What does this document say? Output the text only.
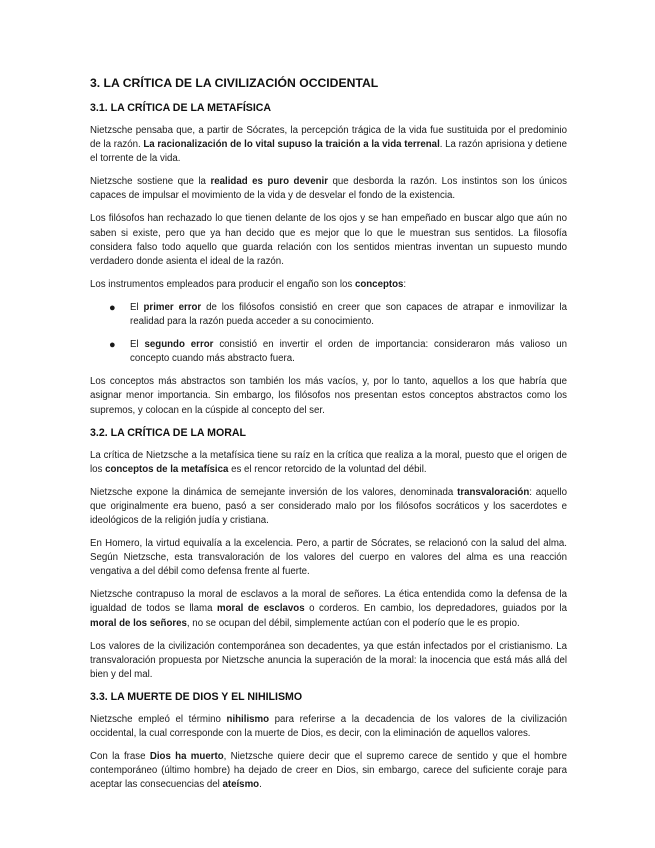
3. LA CRÍTICA DE LA CIVILIZACIÓN OCCIDENTAL
3.1. LA CRÍTICA DE LA METAFÍSICA

Nietzsche pensaba que, a partir de Sócrates, la percepción trágica de la vida fue sustituida por el predominio de la razón. La racionalización de lo vital supuso la traición a la vida terrenal. La razón aprisiona y detiene el torrente de la vida.

Nietzsche sostiene que la realidad es puro devenir que desborda la razón. Los instintos son los únicos capaces de impulsar el movimiento de la vida y de desvelar el fondo de la existencia.

Los filósofos han rechazado lo que tienen delante de los ojos y se han empeñado en buscar algo que aún no saben si existe, pero que ya han decido que es mejor que lo que le muestran sus sentidos. La filosofía considera falso todo aquello que guarda relación con los sentidos mientras inventan un supuesto mundo verdadero donde asienta el ideal de la razón.

Los instrumentos empleados para producir el engaño son los conceptos:

● El primer error de los filósofos consistió en creer que son capaces de atrapar e inmovilizar la realidad para la razón pueda acceder a su conocimiento.
● El segundo error consistió en invertir el orden de importancia: consideraron más valioso un concepto cuando más abstracto fuera.

Los conceptos más abstractos son también los más vacíos, y, por lo tanto, aquellos a los que habría que asignar menor importancia. Sin embargo, los filósofos nos presentan estos conceptos abstractos como los supremos, y colocan en la cúspide al concepto del ser.

3.2. LA CRÍTICA DE LA MORAL

La crítica de Nietzsche a la metafísica tiene su raíz en la crítica que realiza a la moral, puesto que el origen de los conceptos de la metafísica es el rencor retorcido de la voluntad del débil.

Nietzsche expone la dinámica de semejante inversión de los valores, denominada transvaloración: aquello que originalmente era bueno, pasó a ser considerado malo por los filósofos socráticos y los sacerdotes e ideológicos de la religión judía y cristiana.

En Homero, la virtud equivalía a la excelencia. Pero, a partir de Sócrates, se relacionó con la salud del alma. Según Nietzsche, esta transvaloración de los valores del cuerpo en valores del alma es una reacción vengativa a del débil como defensa frente al fuerte.

Nietzsche contrapuso la moral de esclavos a la moral de señores. La ética entendida como la defensa de la igualdad de todos se llama moral de esclavos o corderos. En cambio, los depredadores, guiados por la moral de los señores, no se ocupan del débil, simplemente actúan con el poderío que le es propio.

Los valores de la civilización contemporánea son decadentes, ya que están infectados por el cristianismo. La transvaloración propuesta por Nietzsche anuncia la superación de la moral: la inocencia que está más allá del bien y del mal.

3.3. LA MUERTE DE DIOS Y EL NIHILISMO

Nietzsche empleó el término nihilismo para referirse a la decadencia de los valores de la civilización occidental, la cual corresponde con la muerte de Dios, es decir, con la eliminación de aquellos valores.

Con la frase Dios ha muerto, Nietzsche quiere decir que el supremo carece de sentido y que el hombre contemporáneo (último hombre) ha dejado de creer en Dios, sin embargo, carece del suficiente coraje para aceptar las consecuencias del ateísmo.
